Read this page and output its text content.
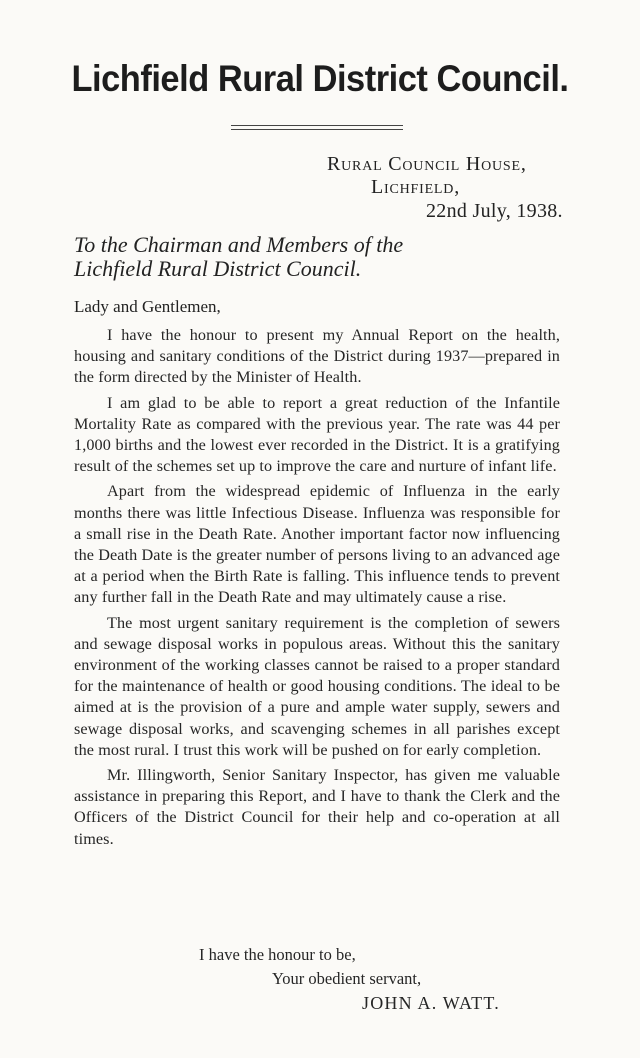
Lichfield Rural District Council.
Rural Council House,
Lichfield,
22nd July, 1938.
To the Chairman and Members of the
Lichfield Rural District Council.
Lady and Gentlemen,

I have the honour to present my Annual Report on the health, housing and sanitary conditions of the District during 1937—prepared in the form directed by the Minister of Health.

I am glad to be able to report a great reduction of the Infantile Mortality Rate as compared with the previous year. The rate was 44 per 1,000 births and the lowest ever recorded in the District. It is a gratifying result of the schemes set up to improve the care and nurture of infant life.

Apart from the widespread epidemic of Influenza in the early months there was little Infectious Disease. Influenza was responsible for a small rise in the Death Rate. Another important factor now influencing the Death Date is the greater number of persons living to an advanced age at a period when the Birth Rate is falling. This influence tends to prevent any further fall in the Death Rate and may ultimately cause a rise.

The most urgent sanitary requirement is the completion of sewers and sewage disposal works in populous areas. Without this the sanitary environment of the working classes cannot be raised to a proper standard for the maintenance of health or good housing conditions. The ideal to be aimed at is the provision of a pure and ample water supply, sewers and sewage disposal works, and scavenging schemes in all parishes except the most rural. I trust this work will be pushed on for early completion.

Mr. Illingworth, Senior Sanitary Inspector, has given me valuable assistance in preparing this Report, and I have to thank the Clerk and the Officers of the District Council for their help and co-operation at all times.

I have the honour to be,
Your obedient servant,
JOHN A. WATT.
